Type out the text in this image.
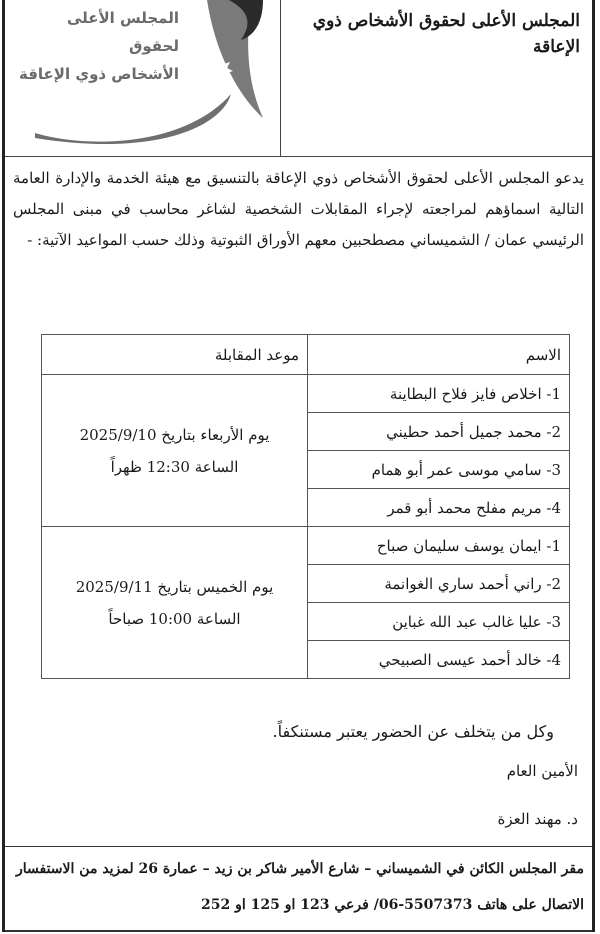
المجلس الأعلى لحقوق
الأشخاص ذوي الإعاقة
المجلس الأعلى لحقوق الأشخاص ذوي الإعاقة
يدعو المجلس الأعلى لحقوق الأشخاص ذوي الإعاقة بالتنسيق مع هيئة الخدمة والإدارة العامة التالية اسماؤهم لمراجعته لإجراء المقابلات الشخصية لشاغر محاسب في مبنى المجلس الرئيسي عمان / الشميساني مصطحبين معهم الأوراق الثبوتية وذلك حسب المواعيد الآتية: -
الاسم	موعد المقابلة
1- اخلاص فايز فلاح البطاينة	يوم الأربعاء بتاريخ 2025/9/10
الساعة 12:30 ظهراً

2- محمد جميل أحمد حطيني	
3- سامي موسى عمر أبو همام	
4- مريم مفلح محمد أبو قمر	
1- ايمان يوسف سليمان صباح	يوم الخميس بتاريخ 2025/9/11
الساعة 10:00 صباحاً

2- راني أحمد ساري الغوانمة	
3- عليا غالب عبد الله غباين	
4- خالد أحمد عيسى الصبيحي	
وكل من يتخلف عن الحضور يعتبر مستنكفاً.
الأمين العام
د. مهند العزة
مقر المجلس الكائن في الشميساني – شارع الأمير شاكر بن زيد – عمارة 26 لمزيد من الاستفسار
الاتصال على هاتف 5507373-06/ فرعي 123 او 125 او 252
